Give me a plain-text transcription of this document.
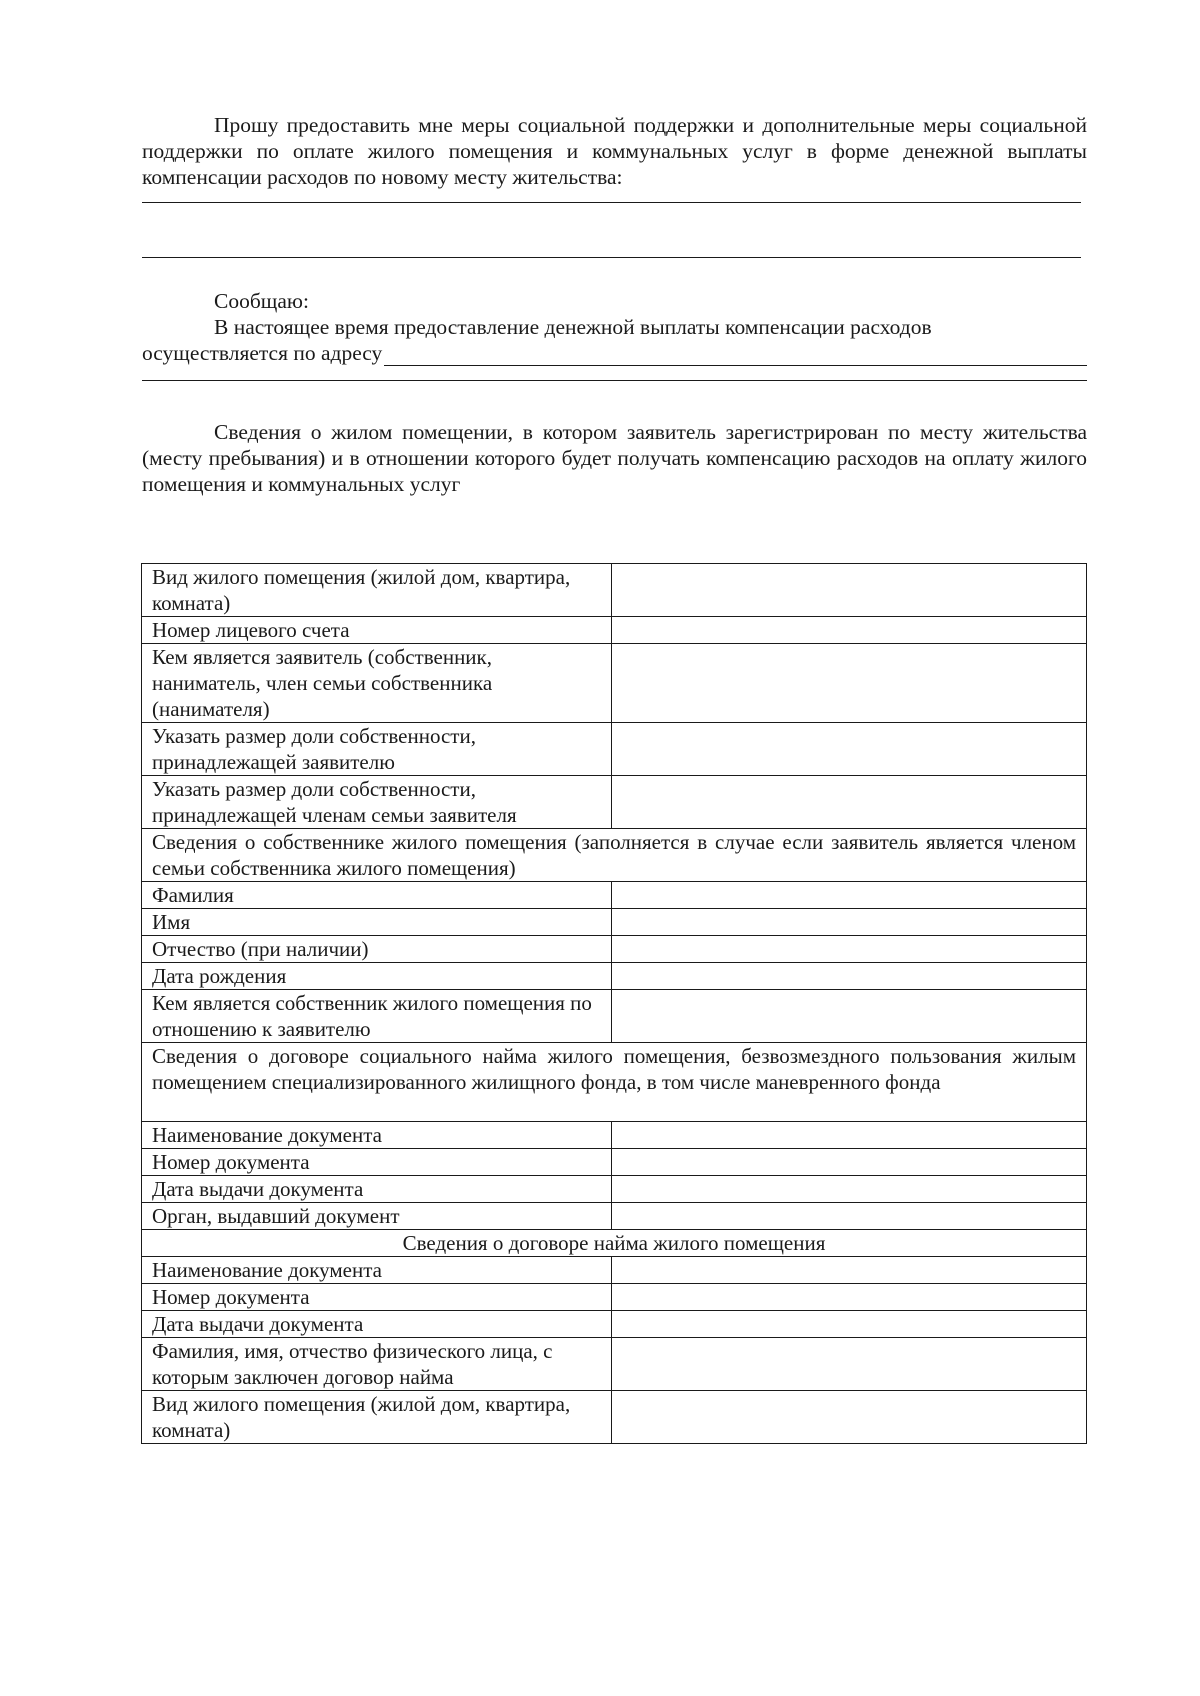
Прошу предоставить мне меры социальной поддержки и дополнительные меры социальной поддержки по оплате жилого помещения и коммунальных услуг в форме денежной выплаты компенсации расходов по новому месту жительства:

Сообщаю:

В настоящее время предоставление денежной выплаты компенсации расходов

осуществляется по адресу

Сведения о жилом помещении, в котором заявитель зарегистрирован по месту жительства (месту пребывания) и в отношении которого будет получать компенсацию расходов на оплату жилого помещения и коммунальных услуг

Вид жилого помещения (жилой дом, квартира, комната)	
Номер лицевого счета	
Кем является заявитель (собственник, наниматель, член семьи собственника (нанимателя)	
Указать размер доли собственности, принадлежащей заявителю	
Указать размер доли собственности, принадлежащей членам семьи заявителя	
Сведения о собственнике жилого помещения (заполняется в случае если заявитель является членом семьи собственника жилого помещения)	
Фамилия	
Имя	
Отчество (при наличии)	
Дата рождения	
Кем является собственник жилого помещения по отношению к заявителю	
Сведения о договоре социального найма жилого помещения, безвозмездного пользования жилым помещением специализированного жилищного фонда, в том числе маневренного фонда	
Наименование документа	
Номер документа	
Дата выдачи документа	
Орган, выдавший документ	
Сведения о договоре найма жилого помещения	
Наименование документа	
Номер документа	
Дата выдачи документа	
Фамилия, имя, отчество физического лица, с которым заключен договор найма	
Вид жилого помещения (жилой дом, квартира, комната)	
